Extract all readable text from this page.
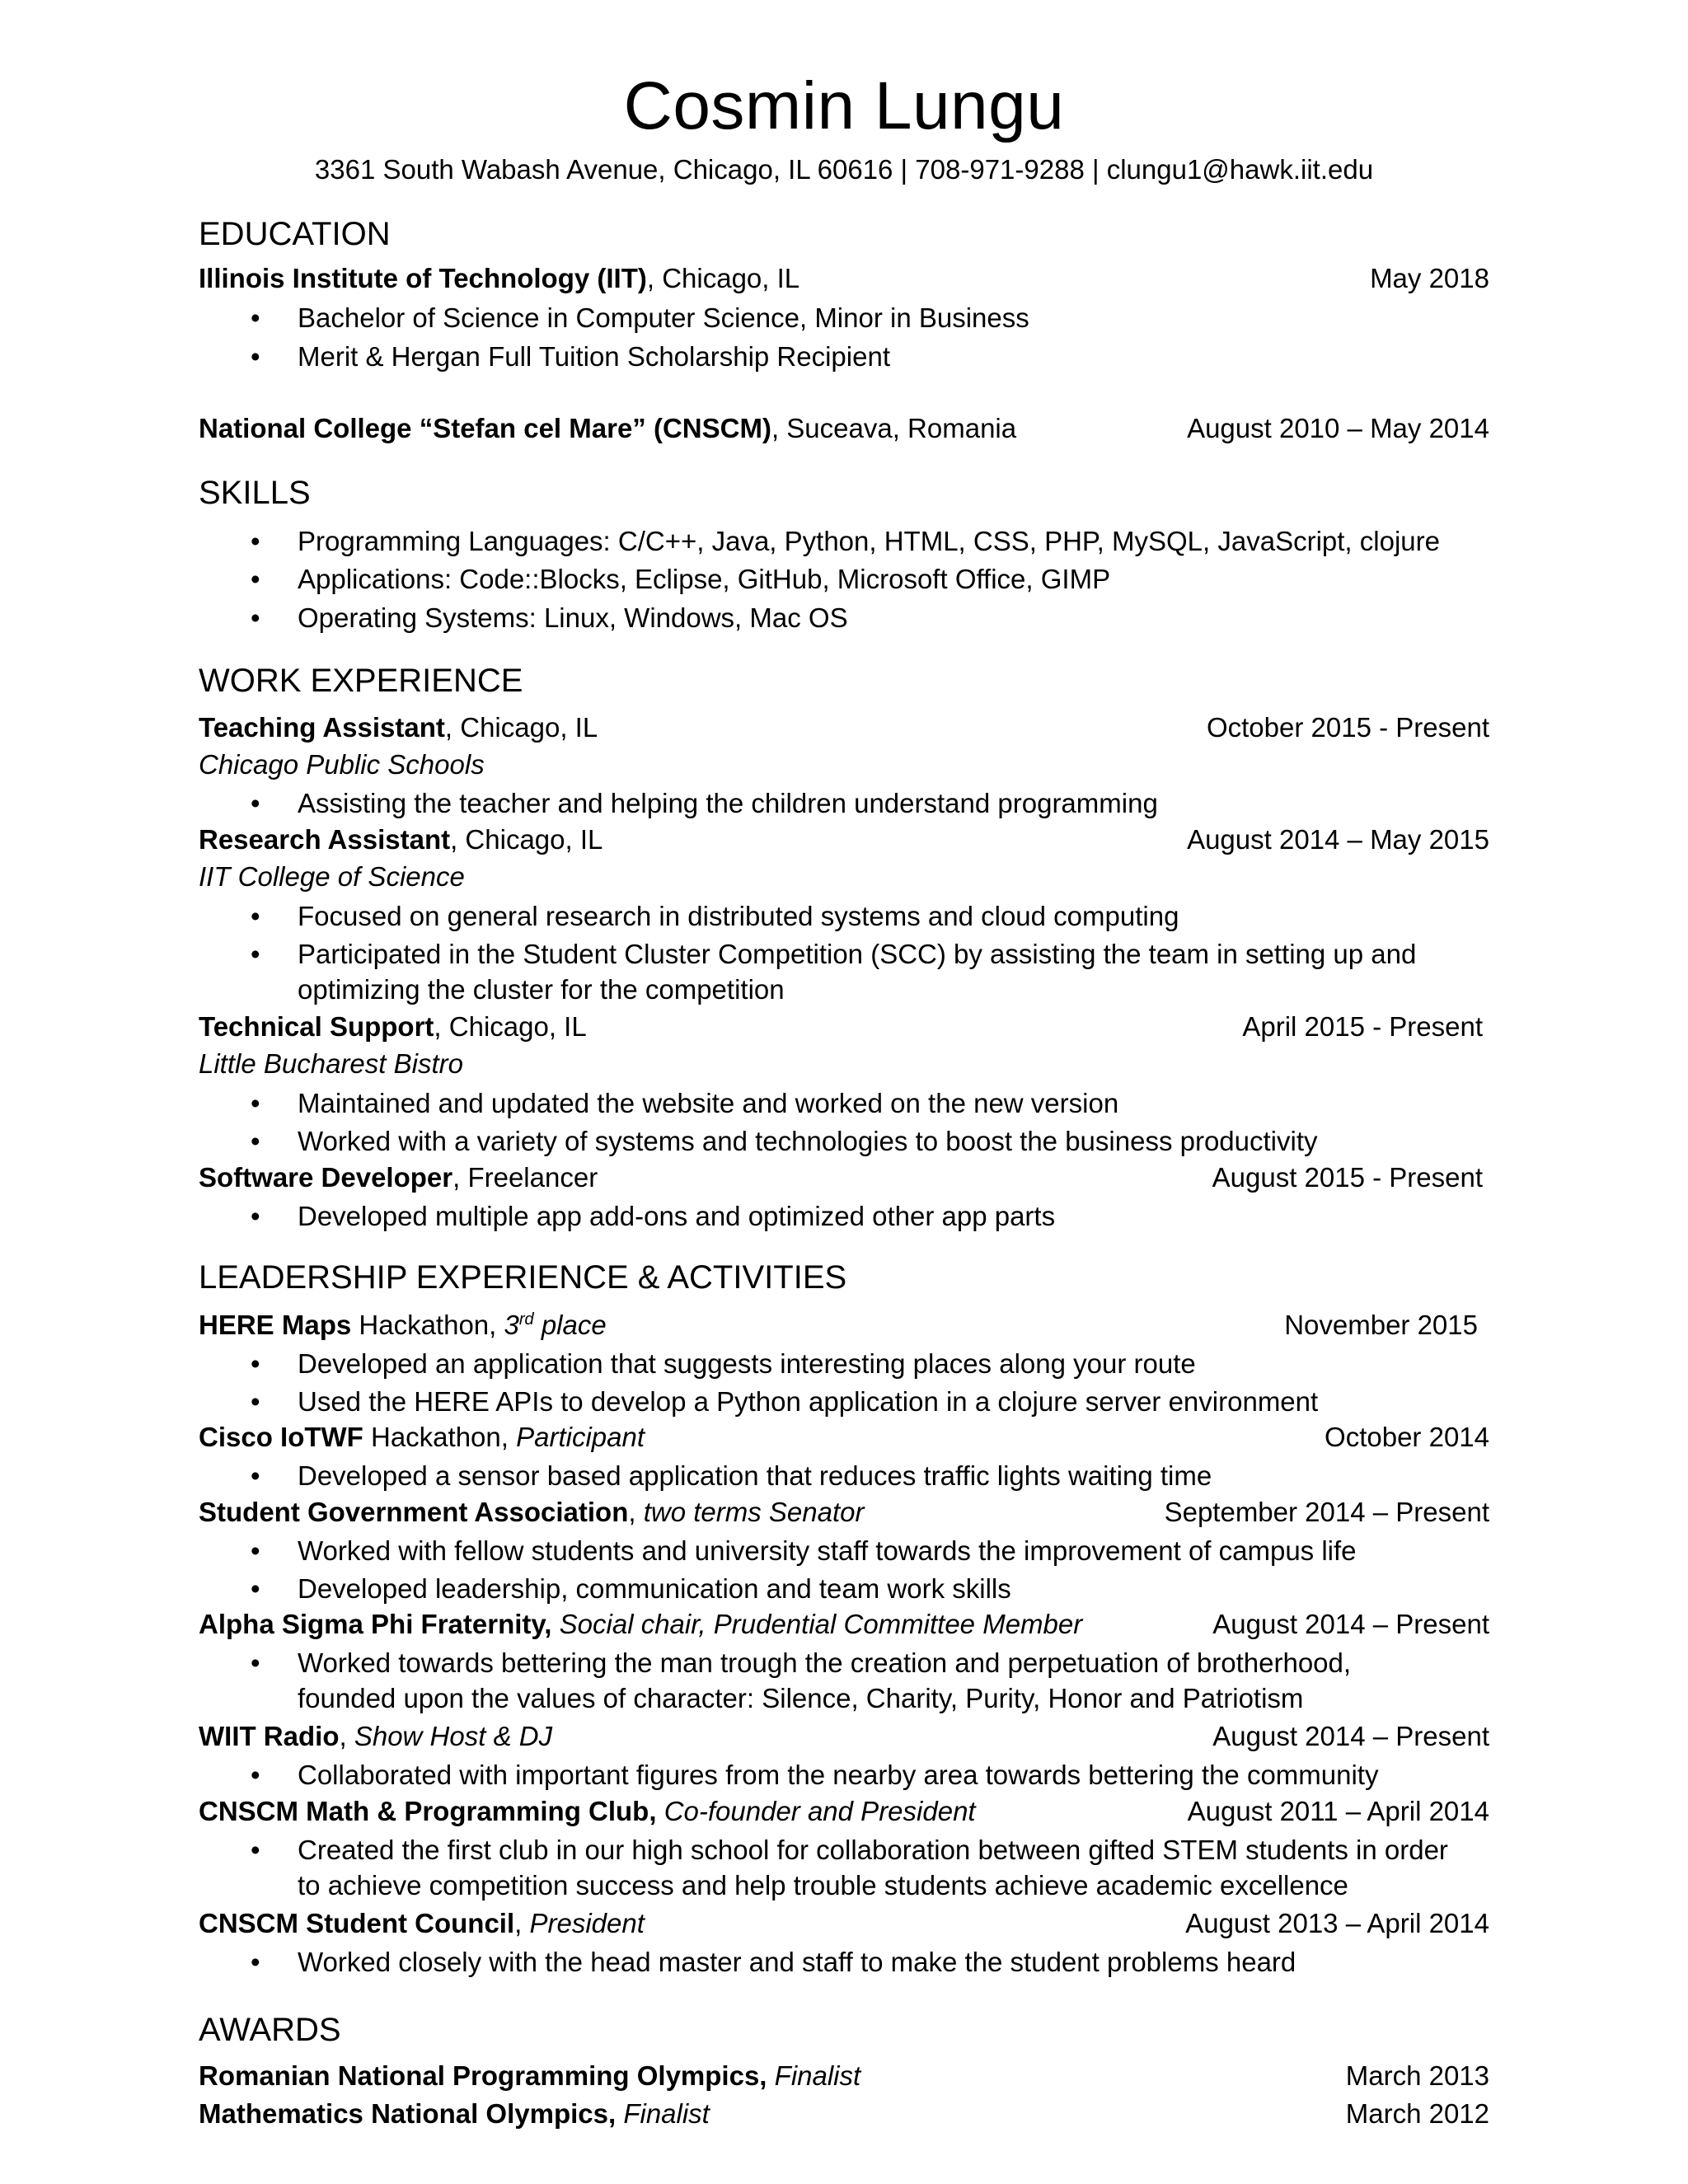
Cosmin Lungu
3361 South Wabash Avenue, Chicago, IL 60616 | 708-971-9288 | clungu1@hawk.iit.edu
EDUCATION
Illinois Institute of Technology (IIT), Chicago, IL	May 2018
• Bachelor of Science in Computer Science, Minor in Business
• Merit & Hergan Full Tuition Scholarship Recipient
National College “Stefan cel Mare” (CNSCM), Suceava, Romania	August 2010 – May 2014
SKILLS
• Programming Languages: C/C++, Java, Python, HTML, CSS, PHP, MySQL, JavaScript, clojure
• Applications: Code::Blocks, Eclipse, GitHub, Microsoft Office, GIMP
• Operating Systems: Linux, Windows, Mac OS
WORK EXPERIENCE
Teaching Assistant, Chicago, IL	October 2015 - Present
Chicago Public Schools
• Assisting the teacher and helping the children understand programming
Research Assistant, Chicago, IL	August 2014 – May 2015
IIT College of Science
• Focused on general research in distributed systems and cloud computing
• Participated in the Student Cluster Competition (SCC) by assisting the team in setting up and
optimizing the cluster for the competition
Technical Support, Chicago, IL	April 2015 - Present
Little Bucharest Bistro
• Maintained and updated the website and worked on the new version
• Worked with a variety of systems and technologies to boost the business productivity
Software Developer, Freelancer	August 2015 - Present
• Developed multiple app add-ons and optimized other app parts
LEADERSHIP EXPERIENCE & ACTIVITIES
HERE Maps Hackathon, 3rd place	November 2015
• Developed an application that suggests interesting places along your route
• Used the HERE APIs to develop a Python application in a clojure server environment
Cisco IoTWF Hackathon, Participant	October 2014
• Developed a sensor based application that reduces traffic lights waiting time
Student Government Association, two terms Senator	September 2014 – Present
• Worked with fellow students and university staff towards the improvement of campus life
• Developed leadership, communication and team work skills
Alpha Sigma Phi Fraternity, Social chair, Prudential Committee Member	August 2014 – Present
• Worked towards bettering the man trough the creation and perpetuation of brotherhood,
founded upon the values of character: Silence, Charity, Purity, Honor and Patriotism
WIIT Radio, Show Host & DJ	August 2014 – Present
• Collaborated with important figures from the nearby area towards bettering the community
CNSCM Math & Programming Club, Co-founder and President	August 2011 – April 2014
• Created the first club in our high school for collaboration between gifted STEM students in order
to achieve competition success and help trouble students achieve academic excellence
CNSCM Student Council, President	August 2013 – April 2014
• Worked closely with the head master and staff to make the student problems heard
AWARDS
Romanian National Programming Olympics, Finalist	March 2013
Mathematics National Olympics, Finalist	March 2012
